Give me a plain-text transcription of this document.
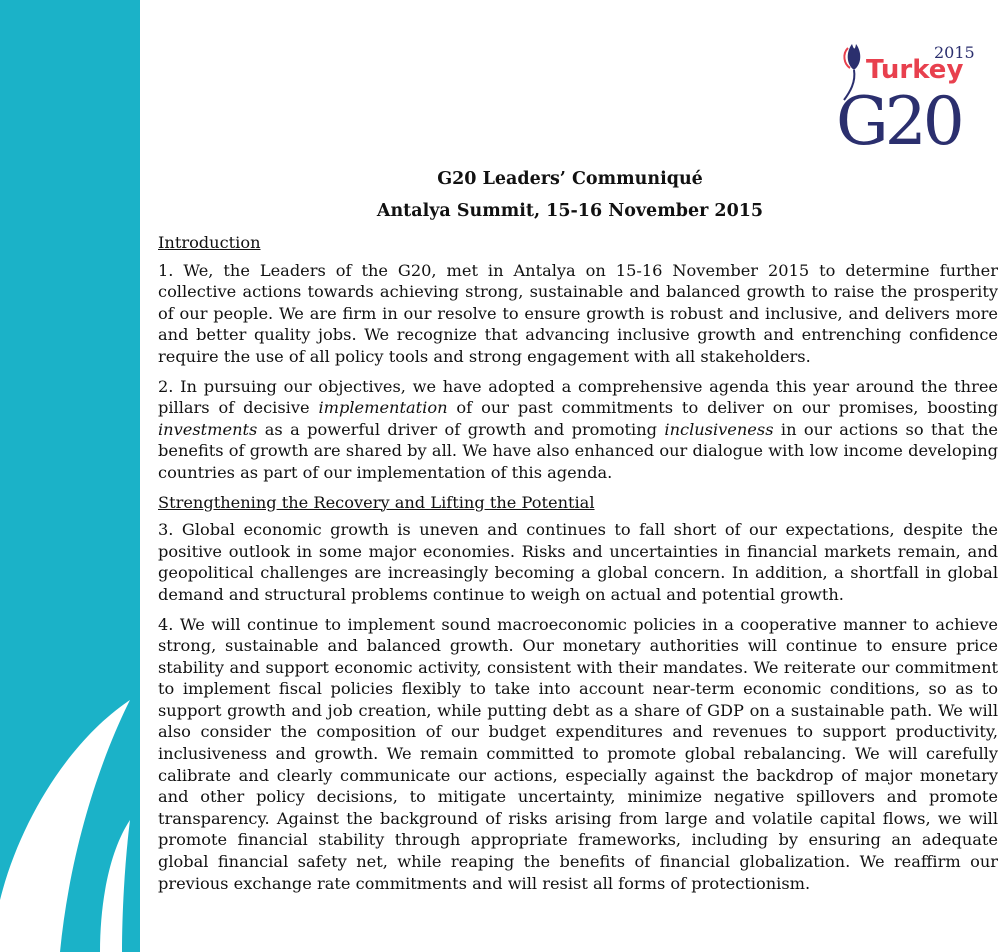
2015
Turkey
G20
G20 Leaders’ Communiqué
Antalya Summit, 15-16 November 2015
Introduction

1. We, the Leaders of the G20, met in Antalya on 15-16 November 2015 to determine further collective actions towards achieving strong, sustainable and balanced growth to raise the prosperity of our people. We are firm in our resolve to ensure growth is robust and inclusive, and delivers more and better quality jobs. We recognize that advancing inclusive growth and entrenching confidence require the use of all policy tools and strong engagement with all stakeholders.

2. In pursuing our objectives, we have adopted a comprehensive agenda this year around the three pillars of decisive implementation of our past commitments to deliver on our promises, boosting investments as a powerful driver of growth and promoting inclusiveness in our actions so that the benefits of growth are shared by all. We have also enhanced our dialogue with low income developing countries as part of our implementation of this agenda.

Strengthening the Recovery and Lifting the Potential

3. Global economic growth is uneven and continues to fall short of our expectations, despite the positive outlook in some major economies. Risks and uncertainties in financial markets remain, and geopolitical challenges are increasingly becoming a global concern. In addition, a shortfall in global demand and structural problems continue to weigh on actual and potential growth.

4. We will continue to implement sound macroeconomic policies in a cooperative manner to achieve strong, sustainable and balanced growth. Our monetary authorities will continue to ensure price stability and support economic activity, consistent with their mandates. We reiterate our commitment to implement fiscal policies flexibly to take into account near-term economic conditions, so as to support growth and job creation, while putting debt as a share of GDP on a sustainable path. We will also consider the composition of our budget expenditures and revenues to support productivity, inclusiveness and growth. We remain committed to promote global rebalancing. We will carefully calibrate and clearly communicate our actions, especially against the backdrop of major monetary and other policy decisions, to mitigate uncertainty, minimize negative spillovers and promote transparency. Against the background of risks arising from large and volatile capital flows, we will promote financial stability through appropriate frameworks, including by ensuring an adequate global financial safety net, while reaping the benefits of financial globalization. We reaffirm our previous exchange rate commitments and will resist all forms of protectionism.
